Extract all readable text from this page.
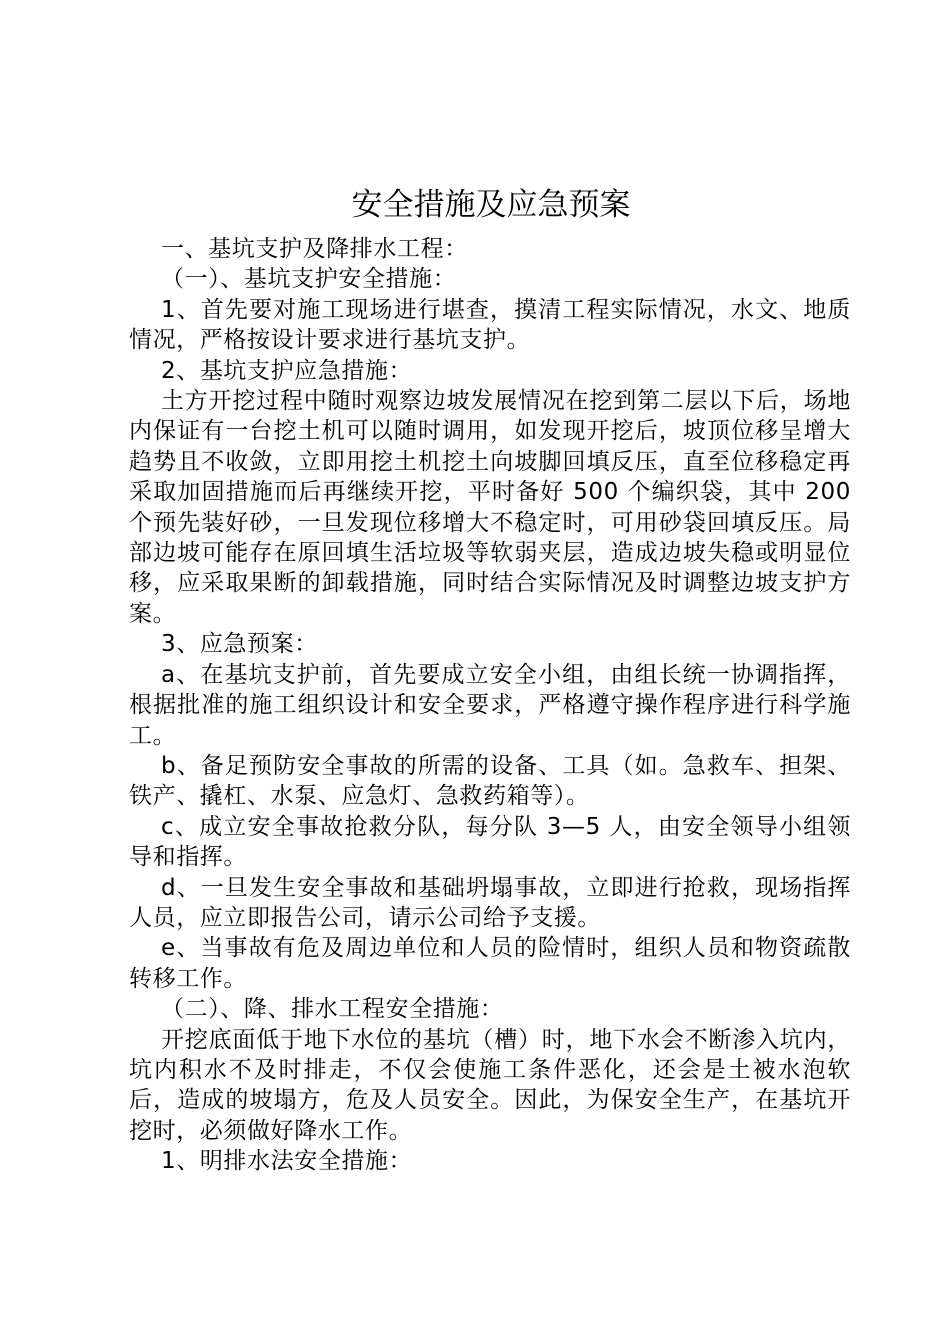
安全措施及应急预案

一、基坑支护及降排水工程：

（一）、基坑支护安全措施：

1、首先要对施工现场进行堪查，摸清工程实际情况，水文、地质情况，严格按设计要求进行基坑支护。

2、基坑支护应急措施：

土方开挖过程中随时观察边坡发展情况在挖到第二层以下后，场地内保证有一台挖土机可以随时调用，如发现开挖后，坡顶位移呈增大趋势且不收敛，立即用挖土机挖土向坡脚回填反压，直至位移稳定再采取加固措施而后再继续开挖，平时备好 500 个编织袋，其中 200 个预先装好砂，一旦发现位移增大不稳定时，可用砂袋回填反压。局部边坡可能存在原回填生活垃圾等软弱夹层，造成边坡失稳或明显位移，应采取果断的卸载措施，同时结合实际情况及时调整边坡支护方案。

3、应急预案：

a、在基坑支护前，首先要成立安全小组，由组长统一协调指挥，根据批准的施工组织设计和安全要求，严格遵守操作程序进行科学施工。

b、备足预防安全事故的所需的设备、工具（如。急救车、担架、铁产、撬杠、水泵、应急灯、急救药箱等）。

c、成立安全事故抢救分队，每分队 3—5 人，由安全领导小组领导和指挥。

d、一旦发生安全事故和基础坍塌事故，立即进行抢救，现场指挥人员，应立即报告公司，请示公司给予支援。

e、当事故有危及周边单位和人员的险情时，组织人员和物资疏散转移工作。

（二）、降、排水工程安全措施：

开挖底面低于地下水位的基坑（槽）时，地下水会不断渗入坑内，坑内积水不及时排走，不仅会使施工条件恶化，还会是土被水泡软后，造成的坡塌方，危及人员安全。因此，为保安全生产，在基坑开挖时，必须做好降水工作。

1、明排水法安全措施：
